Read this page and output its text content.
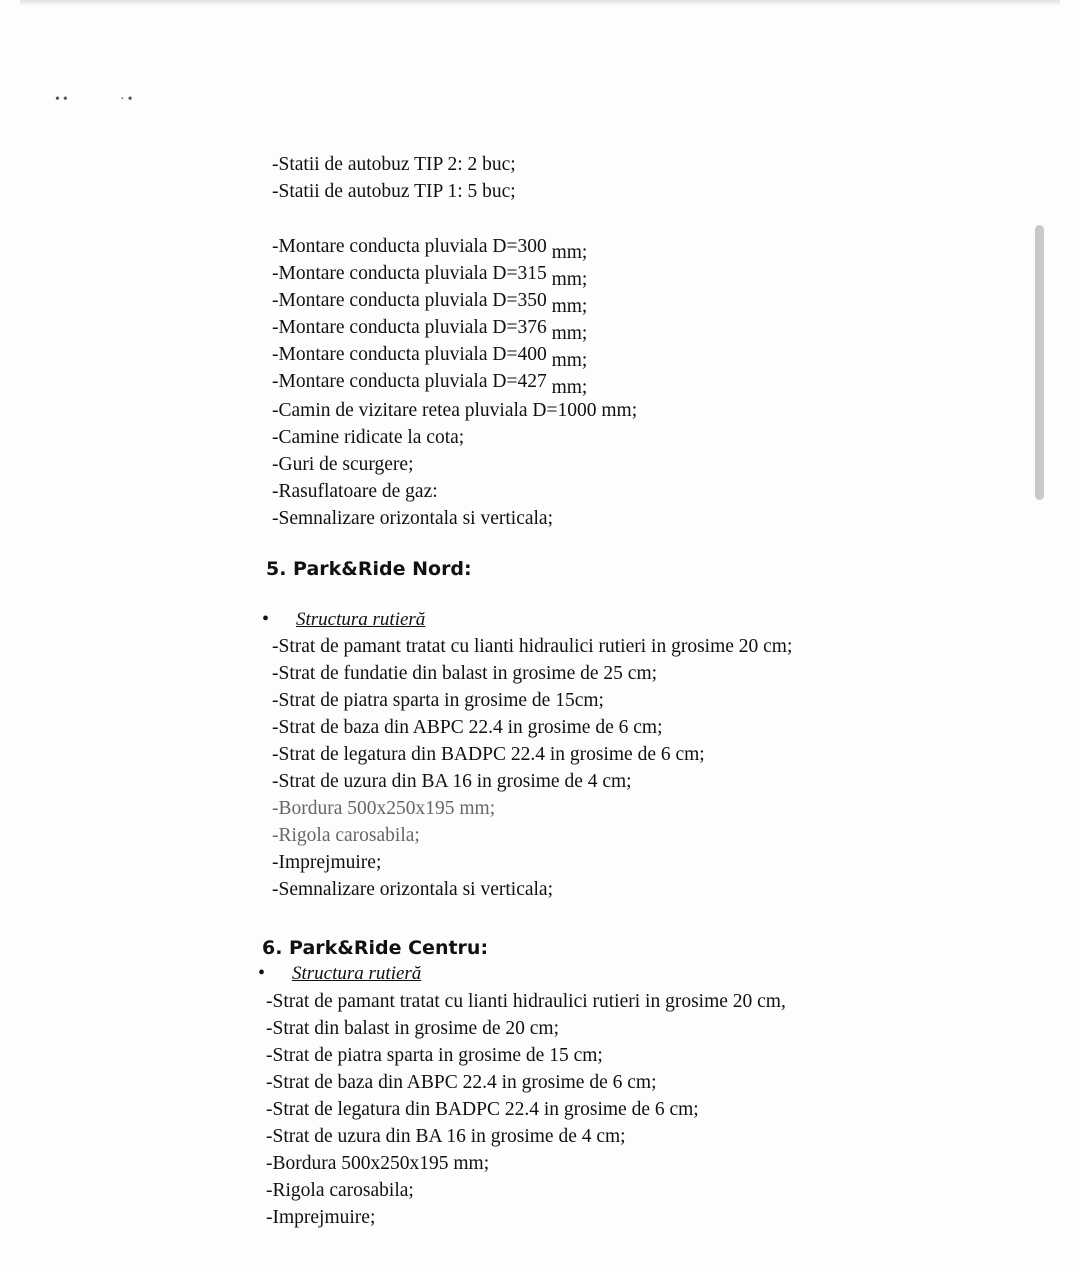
••	·•
-Statii de autobuz TIP 2: 2 buc;
-Statii de autobuz TIP 1: 5 buc;
-Montare conducta pluviala D=300 mm;
-Montare conducta pluviala D=315 mm;
-Montare conducta pluviala D=350 mm;
-Montare conducta pluviala D=376 mm;
-Montare conducta pluviala D=400 mm;
-Montare conducta pluviala D=427 mm;
-Camin de vizitare retea pluviala D=1000 mm;
-Camine ridicate la cota;
-Guri de scurgere;
-Rasuflatoare de gaz:
-Semnalizare orizontala si verticala;
5. Park&Ride Nord:
• Structura rutieră
-Strat de pamant tratat cu lianti hidraulici rutieri in grosime 20 cm;
-Strat de fundatie din balast in grosime de 25 cm;
-Strat de piatra sparta in grosime de 15cm;
-Strat de baza din ABPC 22.4 in grosime de 6 cm;
-Strat de legatura din BADPC 22.4 in grosime de 6 cm;
-Strat de uzura din BA 16 in grosime de 4 cm;
-Bordura 500x250x195 mm;
-Rigola carosabila;
-Imprejmuire;
-Semnalizare orizontala si verticala;
6. Park&Ride Centru:
• Structura rutieră
-Strat de pamant tratat cu lianti hidraulici rutieri in grosime 20 cm,
-Strat din balast in grosime de 20 cm;
-Strat de piatra sparta in grosime de 15 cm;
-Strat de baza din ABPC 22.4 in grosime de 6 cm;
-Strat de legatura din BADPC 22.4 in grosime de 6 cm;
-Strat de uzura din BA 16 in grosime de 4 cm;
-Bordura 500x250x195 mm;
-Rigola carosabila;
-Imprejmuire;
